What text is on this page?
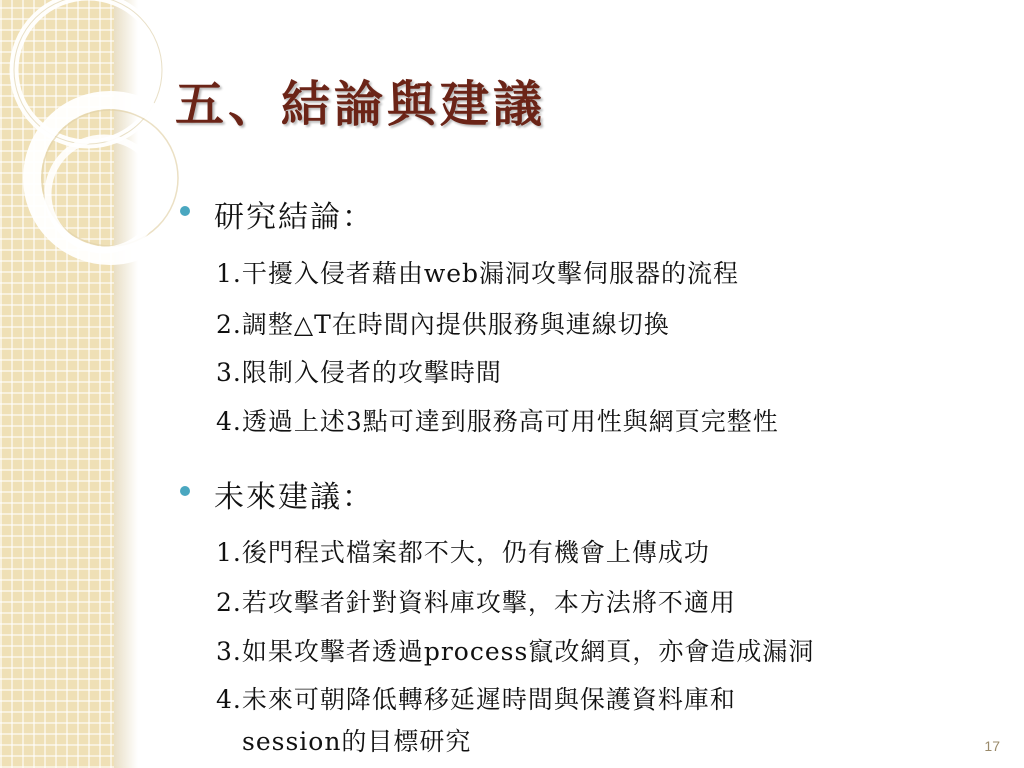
五、結論與建議
研究結論：
1.干擾入侵者藉由web漏洞攻擊伺服器的流程
2.調整△T在時間內提供服務與連線切換
3.限制入侵者的攻擊時間
4.透過上述3點可達到服務高可用性與網頁完整性
未來建議：
1.後門程式檔案都不大，仍有機會上傳成功
2.若攻擊者針對資料庫攻擊，本方法將不適用
3.如果攻擊者透過process竄改網頁，亦會造成漏洞
4.未來可朝降低轉移延遲時間與保護資料庫和
session的目標研究	17
